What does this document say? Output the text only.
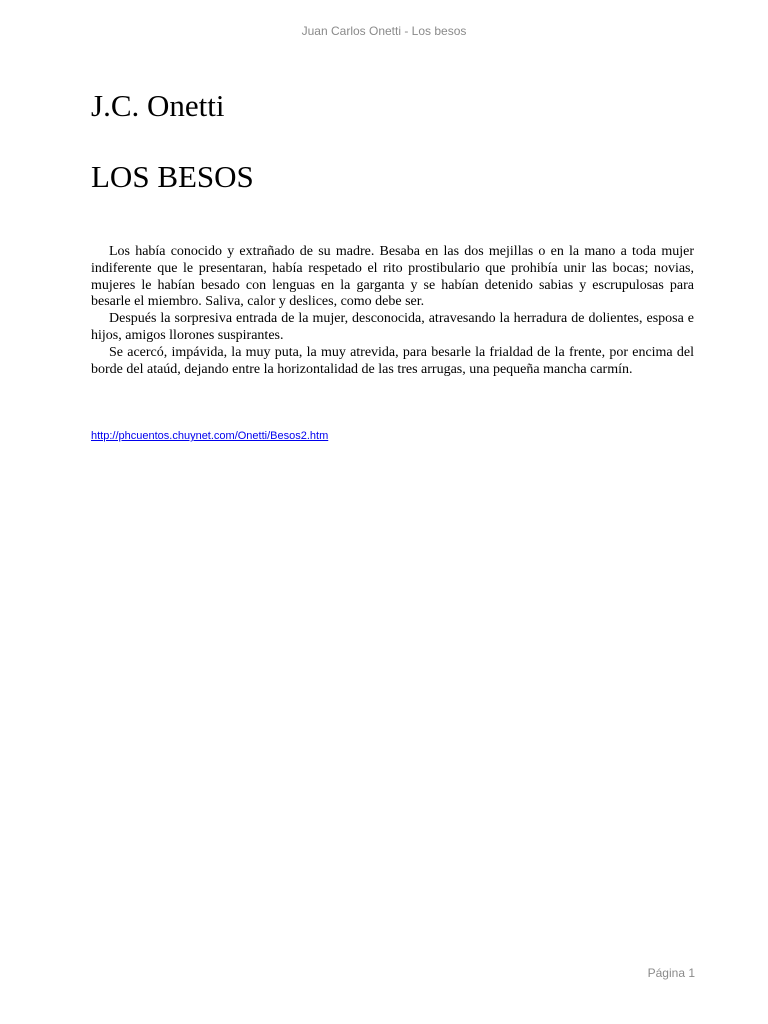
Juan Carlos Onetti - Los besos
J.C. Onetti
LOS BESOS

Los había conocido y extrañado de su madre. Besaba en las dos mejillas o en la mano a toda mujer indiferente que le presentaran, había respetado el rito prostibulario que prohibía unir las bocas; novias, mujeres le habían besado con lenguas en la garganta y se habían detenido sabias y escrupulosas para besarle el miembro. Saliva, calor y deslices, como debe ser.

Después la sorpresiva entrada de la mujer, desconocida, atravesando la herradura de dolientes, esposa e hijos, amigos llorones suspirantes.

Se acercó, impávida, la muy puta, la muy atrevida, para besarle la frialdad de la frente, por encima del borde del ataúd, dejando entre la horizontalidad de las tres arrugas, una pequeña mancha carmín.

http://phcuentos.chuynet.com/Onetti/Besos2.htm
Página 1
